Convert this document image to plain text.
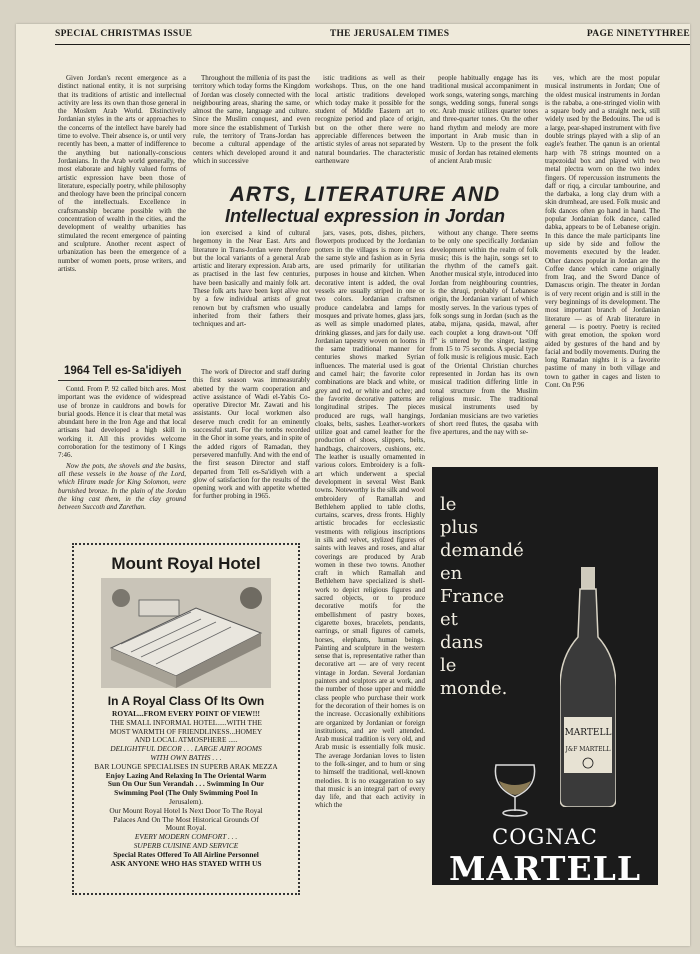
SPECIAL CHRISTMAS ISSUE	THE JERUSALEM TIMES	PAGE NINETYTHREE

Given Jordan's recent emergence as a distinct national entity, it is not surprising that its traditions of artistic and intellectual activity are less its own than those general in the Moslem Arab World. Distinctively Jordanian styles in the arts or approaches to the concerns of the intellect have barely had time to evolve. Their absence is, or until very recently has been, a matter of indifference to the anything but nationally-conscious Jordanians. In the Arab world generally, the most elaborate and highly valued forms of artistic expression have been those of literature, especially poetry, while philosophy and theology have been the principal concern of the intellectuals. Excellence in craftsmanship became possible with the concentration of wealth in the cities, and the development of wealthy urbanities has stimulated the recent emergence of painting and sculpture. Another recent aspect of urbanization has been the emergence of a number of women poets, prose writers, and artists.

Throughout the millenia of its past the territory which today forms the Kingdom of Jordan was closely connected with the neighbouring areas, sharing the same, or almost the same, language and culture. Since the Muslim conquest, and even more since the establishment of Turkish rule, the territory of Trans-Jordan has become a cultural appendage of the centers which developed around it and which in successive

istic traditions as well as their workshops. Thus, on the one hand local artistic traditions developed which today make it possible for the student of Middle Eastern art to recognize period and place of origin, but on the other there were no appreciable differences between the artistic styles of areas not separated by natural boundaries. The characteristic earthenware

people habitually engage has its traditional musical accompaniment in work songs, watering songs, marching songs, wedding songs, funeral songs etc. Arab music utilizes quarter tones and three-quarter tones. On the other hand rhythm and melody are more important in Arab music than in Western. Up to the present the folk music of Jordan has retained elements of ancient Arab music

ves, which are the most popular musical instruments in Jordan; One of the oldest musical instruments in Jordan is the rababa, a one-stringed violin with a square body and a straight neck, still widely used by the Bedouins. The ud is a large, pear-shaped instrument with five double strings played with a slip of an eagle's feather. The qanun is an oriental harp with 78 strings mounted on a trapezoidal box and played with two metal plectra worn on the two index fingers. Of repercussion instruments the daff or riqq, a circular tambourine, and the darbaka, a long clay drum with a skin drumhead, are used. Folk music and folk dances often go hand in hand. The popular Jordanian folk dance, called dabka, appears to be of Lebanese origin. In this dance the male participants line up side by side and follow the movements executed by the leader. Other dances popular in Jordan are the Coffee dance which came originally from Iraq, and the Sword Dance of Damascus origin. The theater in Jordan is of very recent origin and is still in the very beginnings of its development. The most important branch of Jordanian literature — as of Arab literature in general — is poetry. Poetry is recited with great emotion, the spoken word aided by gestures of the hand and by facial and bodily movements. During the long Ramadan nights it is a favorite pastime of many in both village and town to gather in cages and listen to Cont. On P.96

ARTS, LITERATURE AND
Intellectual expression in Jordan

ion exercised a kind of cultural hegemony in the Near East. Arts and literature in Trans-Jordan were therefore but the local variants of a general Arab artistic and literary expression. Arab arts, as practised in the last few centuries, have been basically and mainly folk art. These folk arts have been kept alive not by a few individual artists of great renown but by craftsmen who usually inherited from their fathers their techniques and art-

jars, vases, pots, dishes, pitchers, flowerpots produced by the Jordanian potters in the villages is more or less the same style and fashion as in Syria are used primarily for utilitarian purposes in house and kitchen. When decorative intent is added, the oval vessels are usually striped in one or two colors. Jordanian craftsmen produce candelabra and lamps for mosques and private homes, glass jars, as well as simple unadorned plates, drinking glasses, and jars for daily use. Jordanian tapestry woven on looms in the same traditional manner for centuries shows marked Syrian influences. The material used is goat and camel hair; the favorite color combinations are black and white, or grey and red, or white and ochre; and the favorite decorative patterns are longitudinal stripes. The pieces produced are rugs, wall hangings, cloaks, belts, sashes. Leather-workers utilize goat and camel leather for the production of shoes, slippers, belts, handbags, chaircovers, cushions, etc. The leather is usually ornamented in various colors. Embroidery is a folk-art which underwent a special development in several West Bank towns. Noteworthy is the silk and wool embroidery of Ramallah and Bethlehem applied to table cloths, curtains, scarves, dress fronts. Highly artistic brocades for ecclesiastic vestments with religious inscriptions in silk and velvet, stylized figures of saints with leaves and roses, and altar coverings are produced by Arab women in these two towns. Another craft in which Ramallah and Bethlehem have specialized is shell-work to depict religious figures and sacred objects, or to produce decorative motifs for the embellishment of pastry boxes, cigarette boxes, bracelets, pendants, earrings, or small figures of camels, horses, elephants, human beings. Painting and sculpture in the western sense that is, representative rather than decorative art — are of very recent vintage in Jordan. Several Jordanian painters and sculptors are at work, and the number of those upper and middle class people who purchase their work for the decoration of their homes is on the increase. Occasionally exhibitions are organized by Jordanian or foreign institutions, and are well attended. Arab musical tradition is very old, and Arab music is essentially folk music. The average Jordanian loves to listen to the folk-singer, and to hum or sing to himself the traditional, well-known melodies. It is no exaggeration to say that music is an integral part of every day life, and that each activity in which the

without any change. There seems to be only one specifically Jordanian development within the realm of folk music; this is the hajin, songs set to the rhythm of the camel's gait. Another musical style, introduced into Jordan from neighbouring countries, is the shruqi, probably of Lebanese origin, the Jordanian variant of which mostly serves. In the various types of folk songs sung in Jordan (such as the ataba, mijana, qasida, mawal, after each couplet a long drawn-out "Off ff" is uttered by the singer, lasting from 15 to 75 seconds. A special type of folk music is religious music. Each of the Oriental Christian churches represented in Jordan has its own musical tradition differing little in tonal structure from the Muslim religious music. The traditional musical instruments used by Jordanian musicians are two varieties of short reed flutes, the qasaba with five apertures, and the nay with se-

1964 Tell es-Sa'idiyeh

Contd. From P. 92 called bitch ares. Most important was the evidence of widespread use of bronze in cauldrons and bowls for burial goods. Hence it is clear that metal was abundant here in the Iron Age and that local artisans had developed a high skill in working it. All this provides welcome corroboration for the testimony of I Kings 7:46.

Now the pots, the shovels and the basins, all these vessels in the house of the Lord, which Hiram made for King Solomon, were burnished bronze. In the plain of the Jordan the king cast them, in the clay ground between Succoth and Zarethan.

The work of Director and staff during this first season was immeasurably abetted by the warm cooperation and active assistance of Wadi el-Yabis Co-operative Director Mr. Zawati and his assistants. Our local workmen also deserve much credit for an eminently successful start. For the tombs recorded in the Ghor in some years, and in spite of the added rigors of Ramadan, they persevered manfully. And with the end of the first season Director and staff departed from Tell es-Sa'idiyeh with a glow of satisfaction for the results of the opening work and with appetite whetted for further probing in 1965.

Mount Royal Hotel
In A Royal Class Of Its Own
ROYAL...FROM EVERY POINT OF VIEW!!!
THE SMALL INFORMAL HOTEL.....WITH THE
MOST WARMTH OF FRIENDLINESS...HOMEY
AND LOCAL ATMOSPHERE .....
DELIGHTFUL DECOR . . . LARGE AIRY ROOMS
WITH OWN BATHS . . .
BAR LOUNGE SPECIALISES IN SUPERB ARAK MEZZA
Enjoy Lazing And Relaxing In The Oriental Warm
Sun On Our Sun Verandah . . . Swimming In Our
Swimming Pool (The Only Swimming Pool In
Jerusalem).
Our Mount Royal Hotel Is Next Door To The Royal
Palaces And On The Most Historical Grounds Of
Mount Royal.
EVERY MODERN COMFORT . . .
SUPERB CUISINE AND SERVICE
Special Rates Offered To All Airline Personnel
ASK ANYONE WHO HAS STAYED WITH US
le
plus
demandé
en
France
et
dans
le
monde.
MARTELL
J&F MARTELL
COGNAC
MARTELL
